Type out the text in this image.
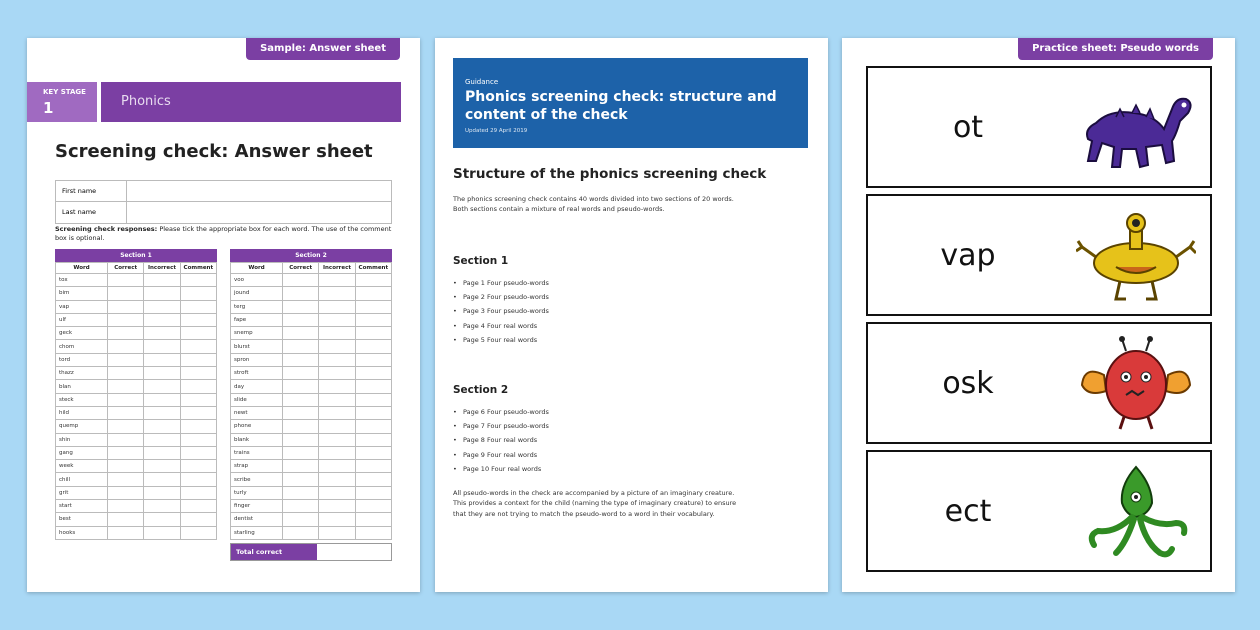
Sample: Answer sheet
KEY STAGE
1	Phonics
Screening check: Answer sheet
First name
Last name
Screening check responses: Please tick the appropriate box for each word. The use of the comment box is optional.
Section 1
Word	Correct	Incorrect	Comment
tox			
bim			
vap			
ulf			
geck			
chom			
tord			
thazz			
blan			
steck			
hild			
quemp			
shin			
gang			
week			
chill			
grit			
start			
best			
hooks			
Section 2
Word	Correct	Incorrect	Comment
voo			
jound			
terg			
fape			
snemp			
blurst			
spron			
stroft			
day			
slide			
newt			
phone			
blank			
trains			
strap			
scribe			
turly			
finger			
dentist			
starling			
Total correct
Guidance
Phonics screening check: structure and
content of the check
Updated 29 April 2019
Structure of the phonics screening check
The phonics screening check contains 40 words divided into two sections of 20 words.
Both sections contain a mixture of real words and pseudo-words.
Section 1
• Page 1 Four pseudo-words
• Page 2 Four pseudo-words
• Page 3 Four pseudo-words
• Page 4 Four real words
• Page 5 Four real words
Section 2
• Page 6 Four pseudo-words
• Page 7 Four pseudo-words
• Page 8 Four real words
• Page 9 Four real words
• Page 10 Four real words
All pseudo-words in the check are accompanied by a picture of an imaginary creature.
This provides a context for the child (naming the type of imaginary creature) to ensure
that they are not trying to match the pseudo-word to a word in their vocabulary.
Practice sheet: Pseudo words
ot
vap
osk
ect
